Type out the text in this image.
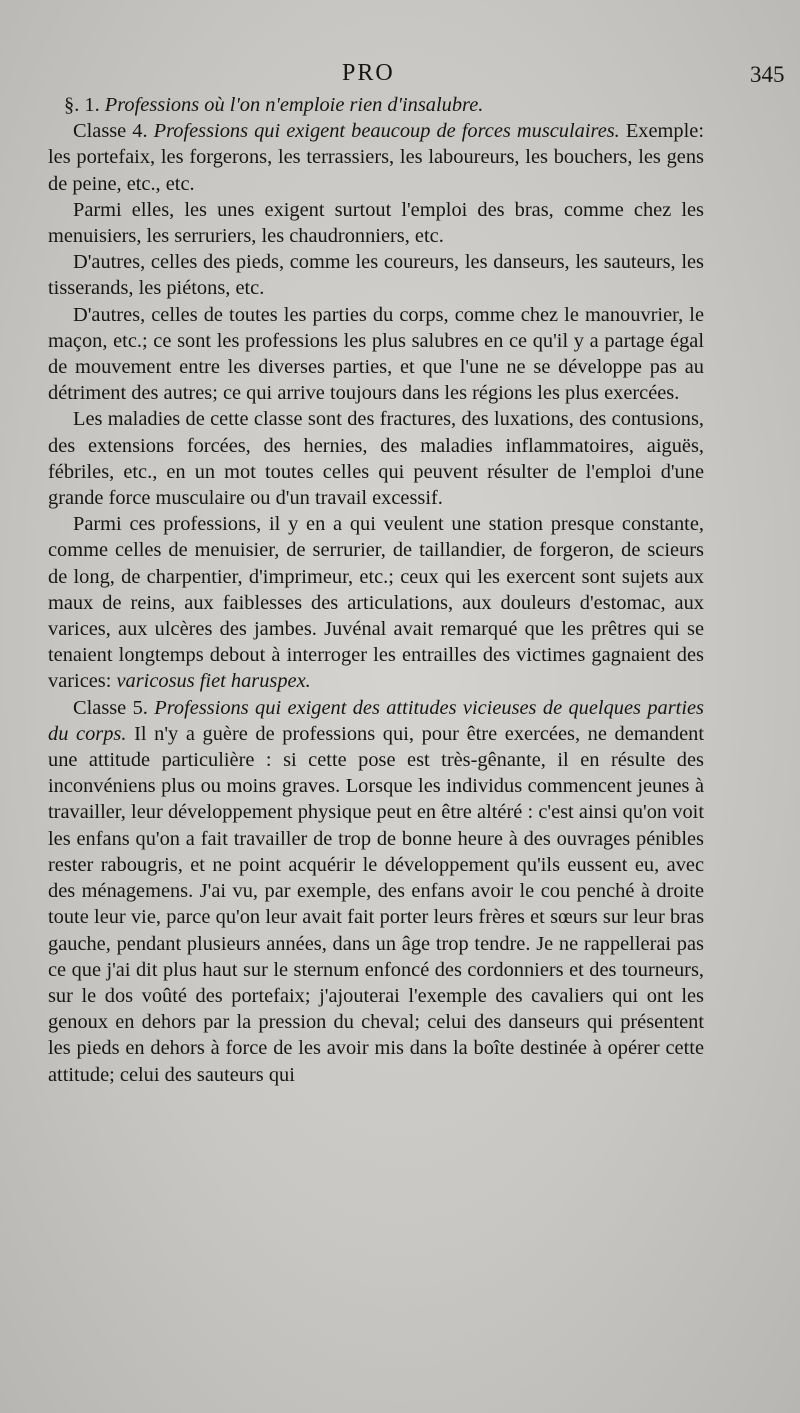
PRO	345

§. 1. Professions où l'on n'emploie rien d'insalubre.

Classe 4. Professions qui exigent beaucoup de forces musculaires. Exemple: les portefaix, les forgerons, les terrassiers, les laboureurs, les bouchers, les gens de peine, etc., etc.

Parmi elles, les unes exigent surtout l'emploi des bras, comme chez les menuisiers, les serruriers, les chaudronniers, etc.

D'autres, celles des pieds, comme les coureurs, les danseurs, les sauteurs, les tisserands, les piétons, etc.

D'autres, celles de toutes les parties du corps, comme chez le manouvrier, le maçon, etc.; ce sont les professions les plus salubres en ce qu'il y a partage égal de mouvement entre les diverses parties, et que l'une ne se développe pas au détriment des autres; ce qui arrive toujours dans les régions les plus exercées.

Les maladies de cette classe sont des fractures, des luxations, des contusions, des extensions forcées, des hernies, des maladies inflammatoires, aiguës, fébriles, etc., en un mot toutes celles qui peuvent résulter de l'emploi d'une grande force musculaire ou d'un travail excessif.

Parmi ces professions, il y en a qui veulent une station presque constante, comme celles de menuisier, de serrurier, de taillandier, de forgeron, de scieurs de long, de charpentier, d'imprimeur, etc.; ceux qui les exercent sont sujets aux maux de reins, aux faiblesses des articulations, aux douleurs d'estomac, aux varices, aux ulcères des jambes. Juvénal avait remarqué que les prêtres qui se tenaient longtemps debout à interroger les entrailles des victimes gagnaient des varices: varicosus fiet haruspex.

Classe 5. Professions qui exigent des attitudes vicieuses de quelques parties du corps. Il n'y a guère de professions qui, pour être exercées, ne demandent une attitude particulière : si cette pose est très-gênante, il en résulte des inconvéniens plus ou moins graves. Lorsque les individus commencent jeunes à travailler, leur développement physique peut en être altéré : c'est ainsi qu'on voit les enfans qu'on a fait travailler de trop de bonne heure à des ouvrages pénibles rester rabougris, et ne point acquérir le développement qu'ils eussent eu, avec des ménagemens. J'ai vu, par exemple, des enfans avoir le cou penché à droite toute leur vie, parce qu'on leur avait fait porter leurs frères et sœurs sur leur bras gauche, pendant plusieurs années, dans un âge trop tendre. Je ne rappellerai pas ce que j'ai dit plus haut sur le sternum enfoncé des cordonniers et des tourneurs, sur le dos voûté des portefaix; j'ajouterai l'exemple des cavaliers qui ont les genoux en dehors par la pression du cheval; celui des danseurs qui présentent les pieds en dehors à force de les avoir mis dans la boîte destinée à opérer cette attitude; celui des sauteurs qui
